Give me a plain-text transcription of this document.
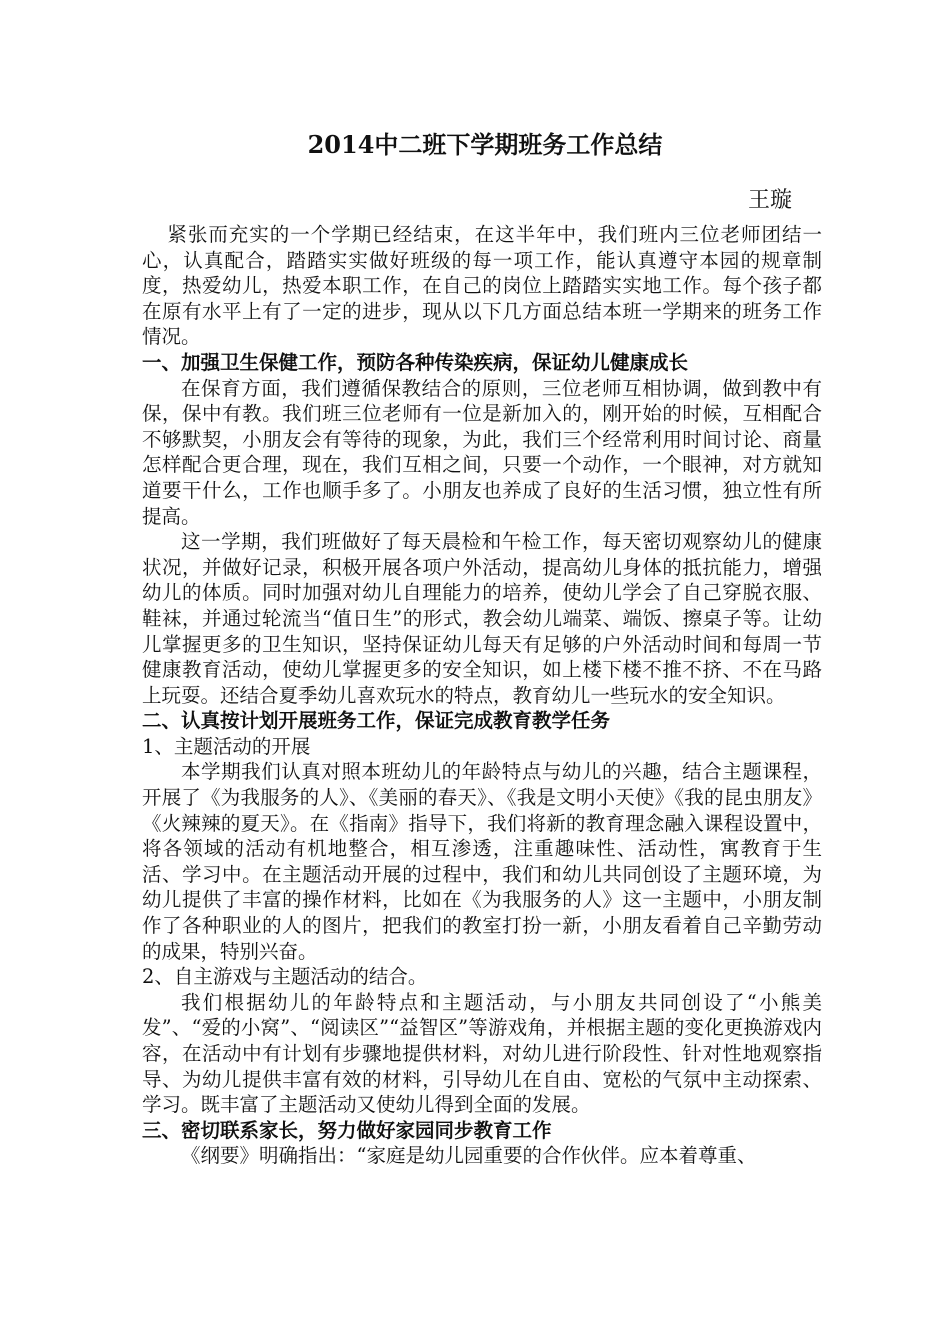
2014中二班下学期班务工作总结
王璇

紧张而充实的一个学期已经结束，在这半年中，我们班内三位老师团结一心，认真配合，踏踏实实做好班级的每一项工作，能认真遵守本园的规章制度，热爱幼儿，热爱本职工作，在自己的岗位上踏踏实实地工作。每个孩子都在原有水平上有了一定的进步，现从以下几方面总结本班一学期来的班务工作情况。

一、加强卫生保健工作，预防各种传染疾病，保证幼儿健康成长

在保育方面，我们遵循保教结合的原则，三位老师互相协调，做到教中有保，保中有教。我们班三位老师有一位是新加入的，刚开始的时候，互相配合不够默契，小朋友会有等待的现象，为此，我们三个经常利用时间讨论、商量怎样配合更合理，现在，我们互相之间，只要一个动作，一个眼神，对方就知道要干什么，工作也顺手多了。小朋友也养成了良好的生活习惯，独立性有所提高。

这一学期，我们班做好了每天晨检和午检工作，每天密切观察幼儿的健康状况，并做好记录，积极开展各项户外活动，提高幼儿身体的抵抗能力，增强幼儿的体质。同时加强对幼儿自理能力的培养，使幼儿学会了自己穿脱衣服、鞋袜，并通过轮流当“值日生”的形式，教会幼儿端菜、端饭、擦桌子等。让幼儿掌握更多的卫生知识，坚持保证幼儿每天有足够的户外活动时间和每周一节健康教育活动，使幼儿掌握更多的安全知识，如上楼下楼不推不挤、不在马路上玩耍。还结合夏季幼儿喜欢玩水的特点，教育幼儿一些玩水的安全知识。

二、认真按计划开展班务工作，保证完成教育教学任务
1、主题活动的开展

本学期我们认真对照本班幼儿的年龄特点与幼儿的兴趣，结合主题课程，开展了《为我服务的人》、《美丽的春天》、《我是文明小天使》《我的昆虫朋友》《火辣辣的夏天》。在《指南》指导下，我们将新的教育理念融入课程设置中，将各领域的活动有机地整合，相互渗透，注重趣味性、活动性，寓教育于生活、学习中。在主题活动开展的过程中，我们和幼儿共同创设了主题环境，为幼儿提供了丰富的操作材料，比如在《为我服务的人》这一主题中，小朋友制作了各种职业的人的图片，把我们的教室打扮一新，小朋友看着自己辛勤劳动的成果，特别兴奋。

2、自主游戏与主题活动的结合。

我们根据幼儿的年龄特点和主题活动，与小朋友共同创设了“小熊美发”、“爱的小窝”、“阅读区”“益智区”等游戏角，并根据主题的变化更换游戏内容，在活动中有计划有步骤地提供材料，对幼儿进行阶段性、针对性地观察指导、为幼儿提供丰富有效的材料，引导幼儿在自由、宽松的气氛中主动探索、学习。既丰富了主题活动又使幼儿得到全面的发展。

三、密切联系家长，努力做好家园同步教育工作

《纲要》明确指出：“家庭是幼儿园重要的合作伙伴。应本着尊重、
